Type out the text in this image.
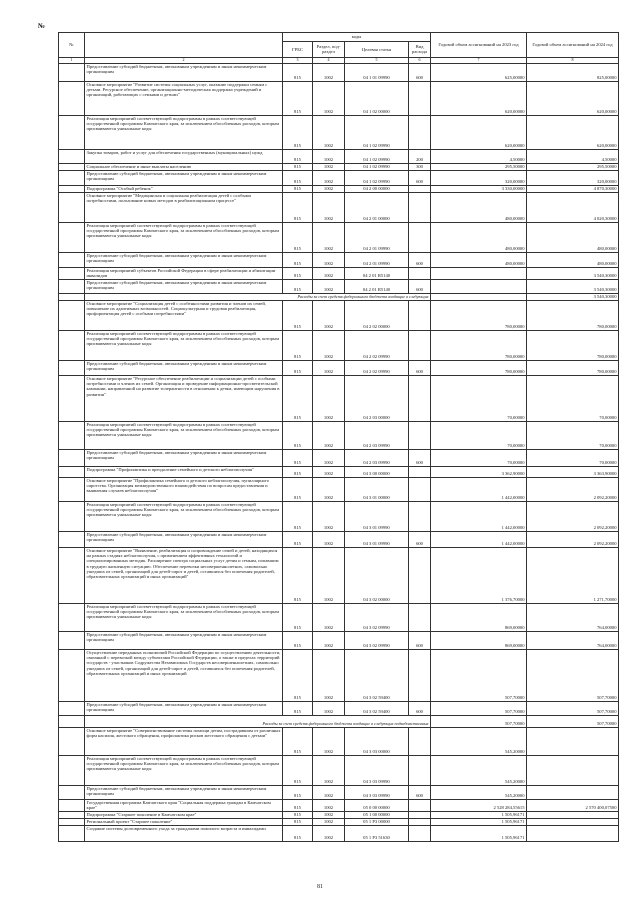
№
№		коды				Годовой объем ассигнований на 2023 год	Годовой объем ассигнований на 2024 год
		ГРБС	Раздел, под-раздел	Целевая статья	Вид расхода		
1	2	3	4	5	6	7	8
	Предоставление субсидий бюджетным, автономным учреждениям и иным некоммерческим организациям	815	1002	04 1 01 09990	600	625,00000	825,00000
	Основное мероприятие "Развитие системы социальных услуг, оказание поддержки семьям с детьми. Ресурсное обеспечение, организационно-методическая поддержка учреждений и организаций, работающих с семьями и детьми"	815	1002	04 1 02 00000		620,00000	620,00000
	Реализация мероприятий соответствующей подпрограммы в рамках соответствующей государственной программы Камчатского края, за исключением обособленных расходов, которым присваиваются уникальные коды	815	1002	04 1 02 09990		620,00000	620,00000
	Закупка товаров, работ и услуг для обеспечения государственных (муниципальных) нужд	815	1002	04 1 02 09990	200	4,50000	4,50000
	Социальное обеспечение и иные выплаты населению	815	1002	04 1 02 09990	300	295,50000	295,50000
	Предоставление субсидий бюджетным, автономным учреждениям и иным некоммерческим организациям	815	1002	04 1 02 09990	600	320,00000	320,00000
	Подпрограмма "Особый ребенок"	815	1002	04 2 00 00000		3 330,00000	4 870,30000
	Основное мероприятие "Медицинская и социальная реабилитация детей с особыми потребностями, пользование новых методов в реабилитационном процессе"	815	1002	04 2 01 00000		480,00000	4 020,30000
	Реализация мероприятий соответствующей подпрограммы в рамках соответствующей государственной программы Камчатского края, за исключением обособленных расходов, которым присваиваются уникальные коды	815	1002	04 2 01 09990		480,00000	480,00000
	Предоставление субсидий бюджетным, автономным учреждениям и иным некоммерческим организациям	815	1002	04 2 01 09990	600	480,00000	480,00000
	Реализация мероприятий субъектов Российской Федерации в сфере реабилитации и абилитации инвалидов	815	1002	04 2 01 R5140			3 540,30000
	Предоставление субсидий бюджетным, автономным учреждениям и иным некоммерческим организациям	815	1002	04 2 01 R5140	600		3 540,30000
	Расходы за счет средств федерального бюджета входящие в следующих						3 540,30000
	Основное мероприятие "Социализация детей с особенностями развития и членов их семей, повышение их адаптивных возможностей. Социокультурная и трудовая реабилитация, профориентация детей с особыми потребностями"	815	1002	04 2 02 00000		780,00000	780,00000
	Реализация мероприятий соответствующей подпрограммы в рамках соответствующей государственной программы Камчатского края, за исключением обособленных расходов, которым присваиваются уникальные коды	815	1002	04 2 02 09990		780,00000	780,00000
	Предоставление субсидий бюджетным, автономным учреждениям и иным некоммерческим организациям	815	1002	04 2 02 09990	600	780,00000	780,00000
	Основное мероприятие "Ресурсное обеспечение реабилитации и социализации детей с особыми потребностями и членов их семей. Организация и проведение информационно-просветительской кампании, направленной на развитие толерантности в отношении к детям, имеющим нарушения в развитии"	815	1002	04 2 03 00000		70,00000	70,00000
	Реализация мероприятий соответствующей подпрограммы в рамках соответствующей государственной программы Камчатского края, за исключением обособленных расходов, которым присваиваются уникальные коды	815	1002	04 2 03 09990		70,00000	70,00000
	Предоставление субсидий бюджетным, автономным учреждениям и иным некоммерческим организациям	815	1002	04 2 03 09990	600	70,00000	70,00000
	Подпрограмма "Профилактика и преодоление семейного и детского неблагополучия"	815	1002	04 3 00 00000		3 362,90000	3 363,90000
	Основное мероприятие "Профилактика семейного и детского неблагополучия, пупиллярного сиротства. Организация межведомственного взаимодействия по вопросам предоставления и выявления случаев неблагополучия"	815	1002	04 3 01 00000		1 442,00000	2 092,20000
	Реализация мероприятий соответствующей подпрограммы в рамках соответствующей государственной программы Камчатского края, за исключением обособленных расходов, которым присваиваются уникальные коды	815	1002	04 3 01 09990		1 442,00000	2 092,20000
	Предоставление субсидий бюджетным, автономным учреждениям и иным некоммерческим организациям	815	1002	04 3 01 09990	600	1 442,00000	2 092,20000
	Основное мероприятие "Выявление, реабилитация и сопровождение семей и детей, находящихся на разных стадиях неблагополучия, с применением эффективных технологий и специализированных методик. Расширение спектра социальных услуг детям и семьям, попавшим в трудную жизненную ситуацию. Обеспечение перевозки несовершеннолетних, самовольно ушедших из семей, организаций для детей-сирот и детей, оставшихся без попечения родителей, образовательных организаций и иных организаций"	815	1002	04 3 02 00000		1 376,70000	1 271,70000
	Реализация мероприятий соответствующей подпрограммы в рамках соответствующей государственной программы Камчатского края, за исключением обособленных расходов, которым присваиваются уникальные коды	815	1002	04 3 02 09990		869,00000	764,00000
	Предоставление субсидий бюджетным, автономным учреждениям и иным некоммерческим организациям	815	1002	04 3 02 09990	600	869,00000	764,00000
	Осуществление переданных полномочий Российской Федерации по осуществлению деятельности, связанной с перевозкой между субъектами Российской Федерации, а также в пределах территорий государств - участников Содружества Независимых Государств несовершеннолетних, самовольно ушедших из семей, организаций для детей-сирот и детей, оставшихся без попечения родителей, образовательных организаций и иных организаций	815	1002	04 3 02 59400		507,70000	507,70000
	Предоставление субсидий бюджетным, автономным учреждениям и иным некоммерческим организациям	815	1002	04 3 02 59400	600	507,70000	507,70000
	Расходы за счет средств федерального бюджета входящие в следующих подведомственных					507,70000	507,70000
	Основное мероприятие "Совершенствование системы помощи детям, пострадавшим от различных форм насилия, жестокого обращения, профилактика рисков жестокого обращения с детьми"	815	1002	04 3 03 00000		545,20000	
	Реализация мероприятий соответствующей подпрограммы в рамках соответствующей государственной программы Камчатского края, за исключением обособленных расходов, которым присваиваются уникальные коды	815	1002	04 3 03 09990		545,20000	
	Предоставление субсидий бюджетным, автономным учреждениям и иным некоммерческим организациям	815	1002	04 3 03 09990	600	545,20000	
	Государственная программа Камчатского края "Социальная поддержка граждан в Камчатском крае"	815	1002	05 0 00 00000		2 528 284,55615	2 570 400,07500
	Подпрограмма "Старшее поколение в Камчатском крае"	815	1002	05 1 00 00000		1 505,96171	
	Региональный проект "Старшее поколение"	815	1002	05 1 P3 00000		1 505,96171	
	Создание системы долговременного ухода за гражданами пожилого возраста и инвалидами	815	1002	05 1 P3 51630		1 505,96171	
81
